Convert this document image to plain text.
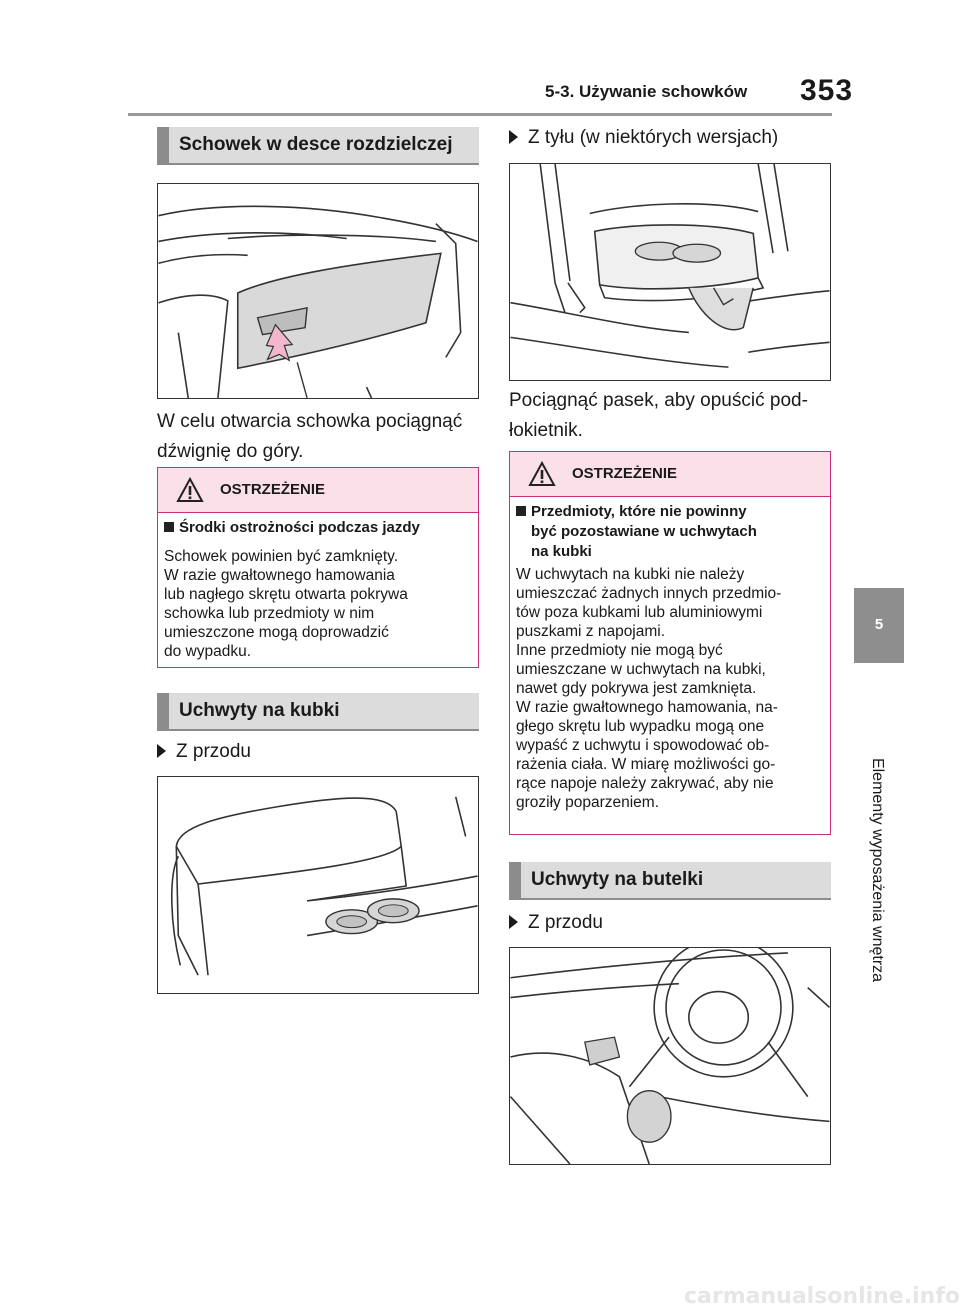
5-3. Używanie schowków 353
5
Elementy wyposażenia wnętrza
Schowek w desce rozdzielczej
W celu otwarcia schowka pociągnąć
dźwignię do góry.
OSTRZEŻENIE
Środki ostrożności podczas jazdy
Schowek powinien być zamknięty.
W razie gwałtownego hamowania
lub nagłego skrętu otwarta pokrywa
schowka lub przedmioty w nim
umieszczone mogą doprowadzić
do wypadku.
Uchwyty na kubki
Z przodu
Z tyłu (w niektórych wersjach)
Pociągnąć pasek, aby opuścić pod-
łokietnik.
OSTRZEŻENIE
Przedmioty, które nie powinny
być pozostawiane w uchwytach
na kubki
W uchwytach na kubki nie należy
umieszczać żadnych innych przedmio-
tów poza kubkami lub aluminiowymi
puszkami z napojami.
Inne przedmioty nie mogą być
umieszczane w uchwytach na kubki,
nawet gdy pokrywa jest zamknięta.
W razie gwałtownego hamowania, na-
głego skrętu lub wypadku mogą one
wypaść z uchwytu i spowodować ob-
rażenia ciała. W miarę możliwości go-
rące napoje należy zakrywać, aby nie
groziły poparzeniem.
Uchwyty na butelki
Z przodu
carmanualsonline.info
